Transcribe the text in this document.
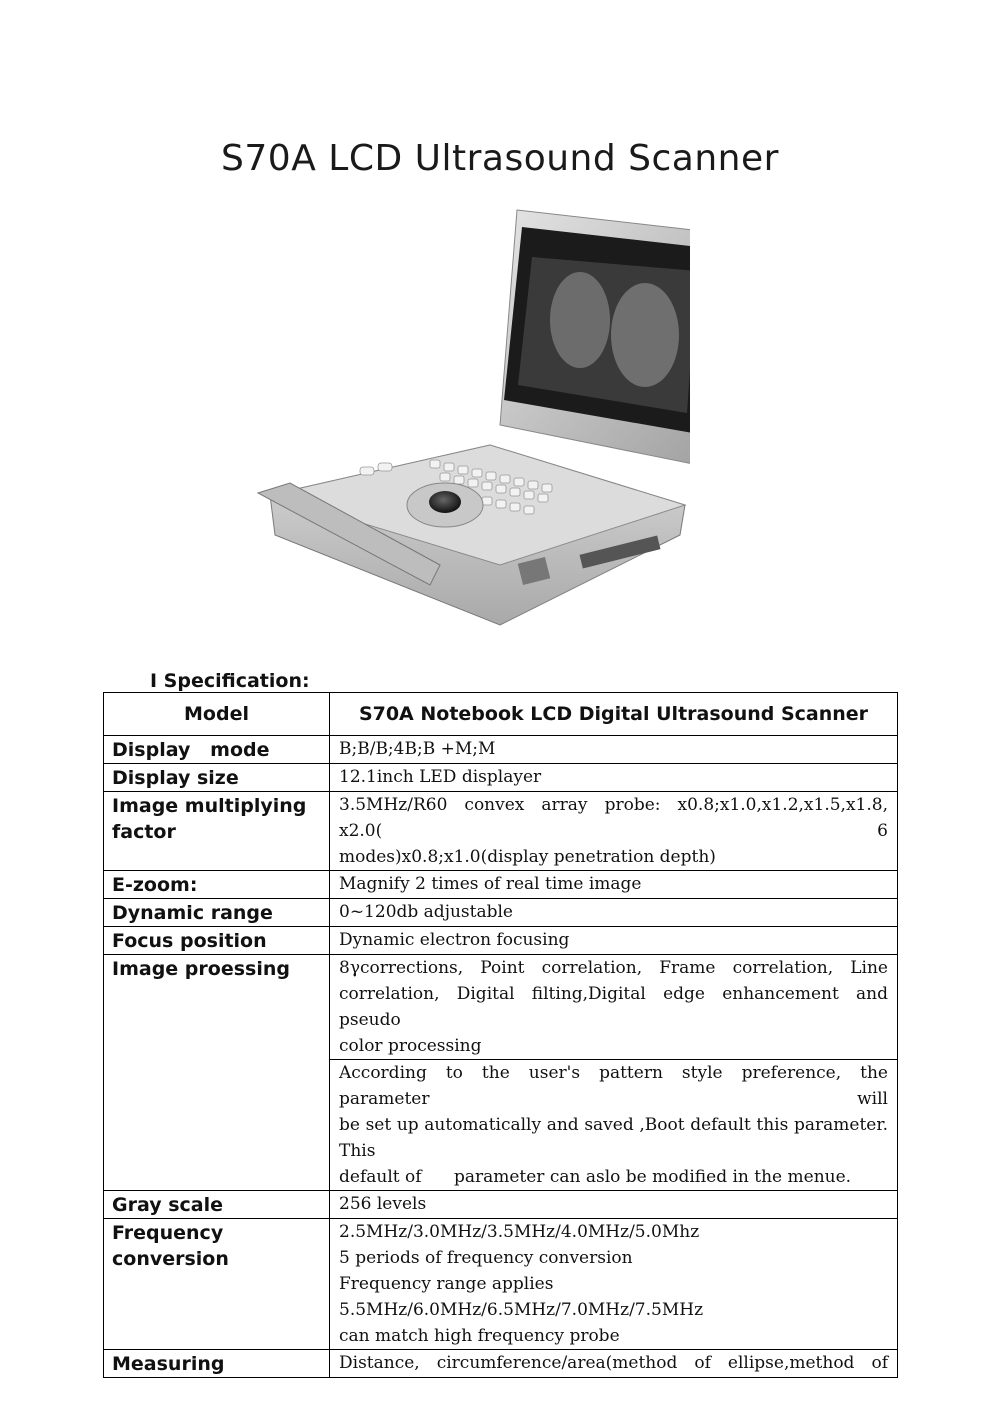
S70A LCD Ultrasound Scanner
I Specification:
Model	S70A Notebook LCD Digital Ultrasound Scanner
Display   mode	B;B/B;4B;B +M;M
Display size	12.1inch LED displayer

Image multiplying
factor	3.5MHz/R60 convex array probe: x0.8;x1.0,x1.2,x1.5,x1.8, x2.0( 6
modes)x0.8;x1.0(display penetration depth)

E-zoom:	Magnify 2 times of real time image
Dynamic range	0~120db adjustable
Focus position	Dynamic electron focusing
Image proessing	8γcorrections, Point correlation, Frame correlation, Line
correlation, Digital filting,Digital edge enhancement and pseudo
color processing

	According to the user's pattern style preference, the parameter will
be set up automatically and saved ,Boot default this parameter. This
default of      parameter can aslo be modified in the menue.

Gray scale	256 levels

Frequency
conversion	2.5MHz/3.0MHz/3.5MHz/4.0MHz/5.0Mhz
5 periods of frequency conversion
Frequency range applies
5.5MHz/6.0MHz/6.5MHz/7.0MHz/7.5MHz
can match high frequency probe

Measuring	Distance, circumference/area(method of ellipse,method of
